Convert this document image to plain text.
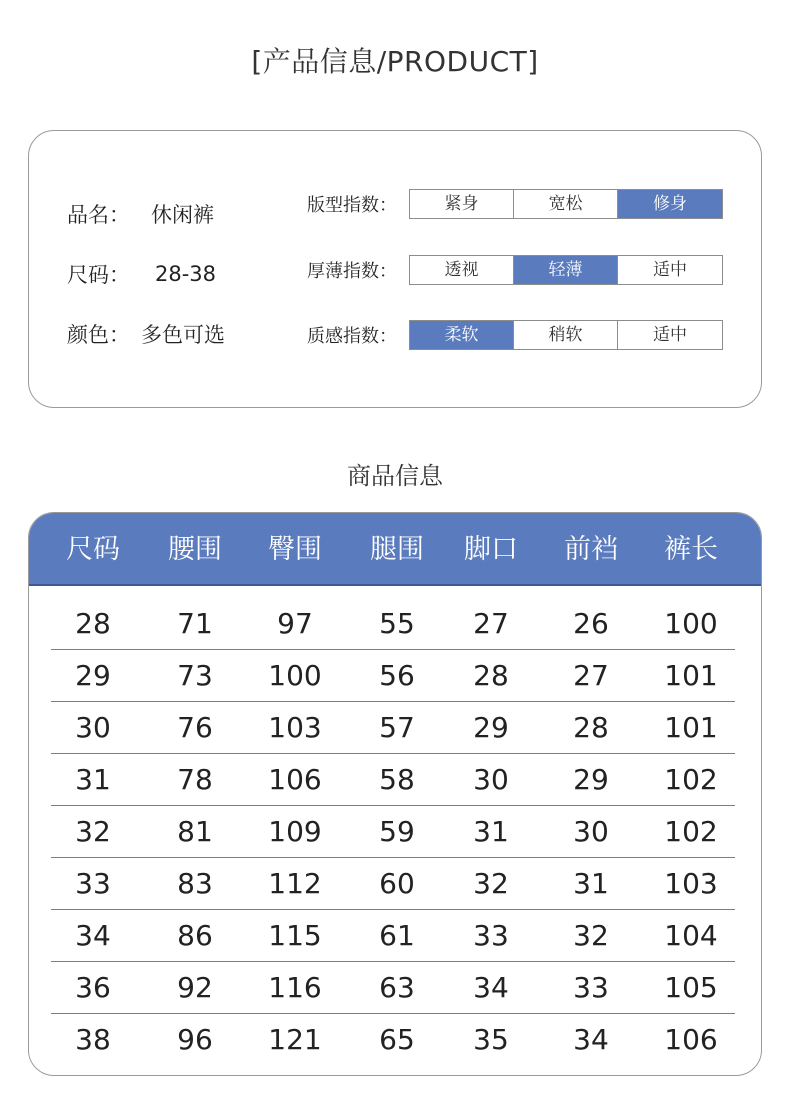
[产品信息/PRODUCT]
品名：	休闲裤
尺码：	28-38
颜色： 多色可选
版型指数：	紧身	宽松	修身
厚薄指数：	透视	轻薄	适中
质感指数：	柔软	稍软	适中
商品信息
尺码	腰围	臀围	腿围	脚口	前裆	裤长
28	71	97	55	27	26	100
29	73	100	56	28	27	101
30	76	103	57	29	28	101
31	78	106	58	30	29	102
32	81	109	59	31	30	102
33	83	112	60	32	31	103
34	86	115	61	33	32	104
36	92	116	63	34	33	105
38	96	121	65	35	34	106
